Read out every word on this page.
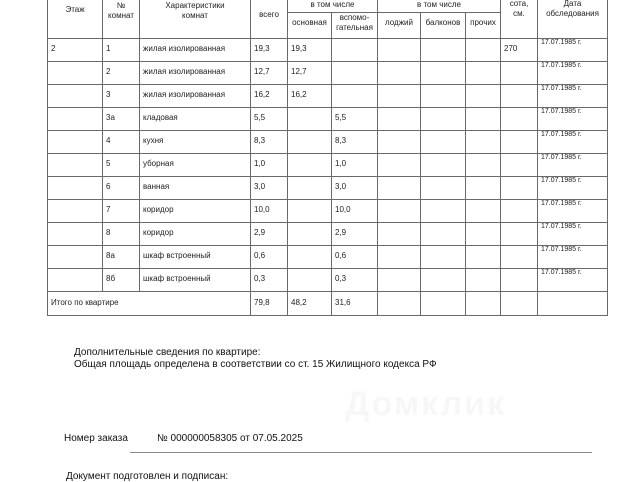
Домклик
Этаж	№ комнат	Характеристики комнат							сота, см.	Дата обследования
			всего	в том числе		в том числе				
				основная	вспомо-гательная	лоджий	балконов	прочих		
2	1	жилая изолированная	19,3	19,3					270	17.07.1985 г.
	2	жилая изолированная	12,7	12,7						17.07.1985 г.
	3	жилая изолированная	16,2	16,2						17.07.1985 г.
	3а	кладовая	5,5		5,5					17.07.1985 г.
	4	кухня	8,3		8,3					17.07.1985 г.
	5	уборная	1,0		1,0					17.07.1985 г.
	6	ванная	3,0		3,0					17.07.1985 г.
	7	коридор	10,0		10,0					17.07.1985 г.
	8	коридор	2,9		2,9					17.07.1985 г.
	8а	шкаф встроенный	0,6		0,6					17.07.1985 г.
	8б	шкаф встроенный	0,3		0,3					17.07.1985 г.
Итого по квартире			79,8	48,2	31,6					
Дополнительные сведения по квартире:
Общая площадь определена в соответствии со ст. 15 Жилищного кодекса РФ
Номер заказа	№ 000000058305 от 07.05.2025
Документ подготовлен и подписан:
